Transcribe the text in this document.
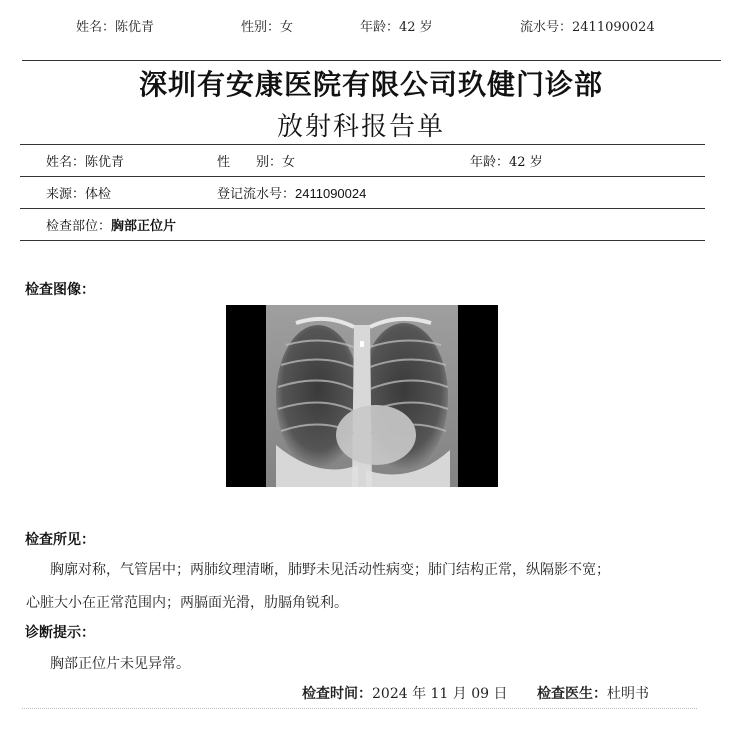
姓名：陈优青	性别：女	年龄：42 岁	流水号：2411090024
深圳有安康医院有限公司玖健门诊部
放射科报告单
姓名：陈优青	性　　别：女	年龄：42 岁
来源：体检	登记流水号：2411090024
检查部位：胸部正位片
检查图像：
检查所见：
胸廓对称，气管居中；两肺纹理清晰，肺野未见活动性病变；肺门结构正常，纵隔影不宽；
心脏大小在正常范围内；两膈面光滑，肋膈角锐利。
诊断提示：
胸部正位片未见异常。
检查时间：2024 年 11 月 09 日 检查医生：杜明书
